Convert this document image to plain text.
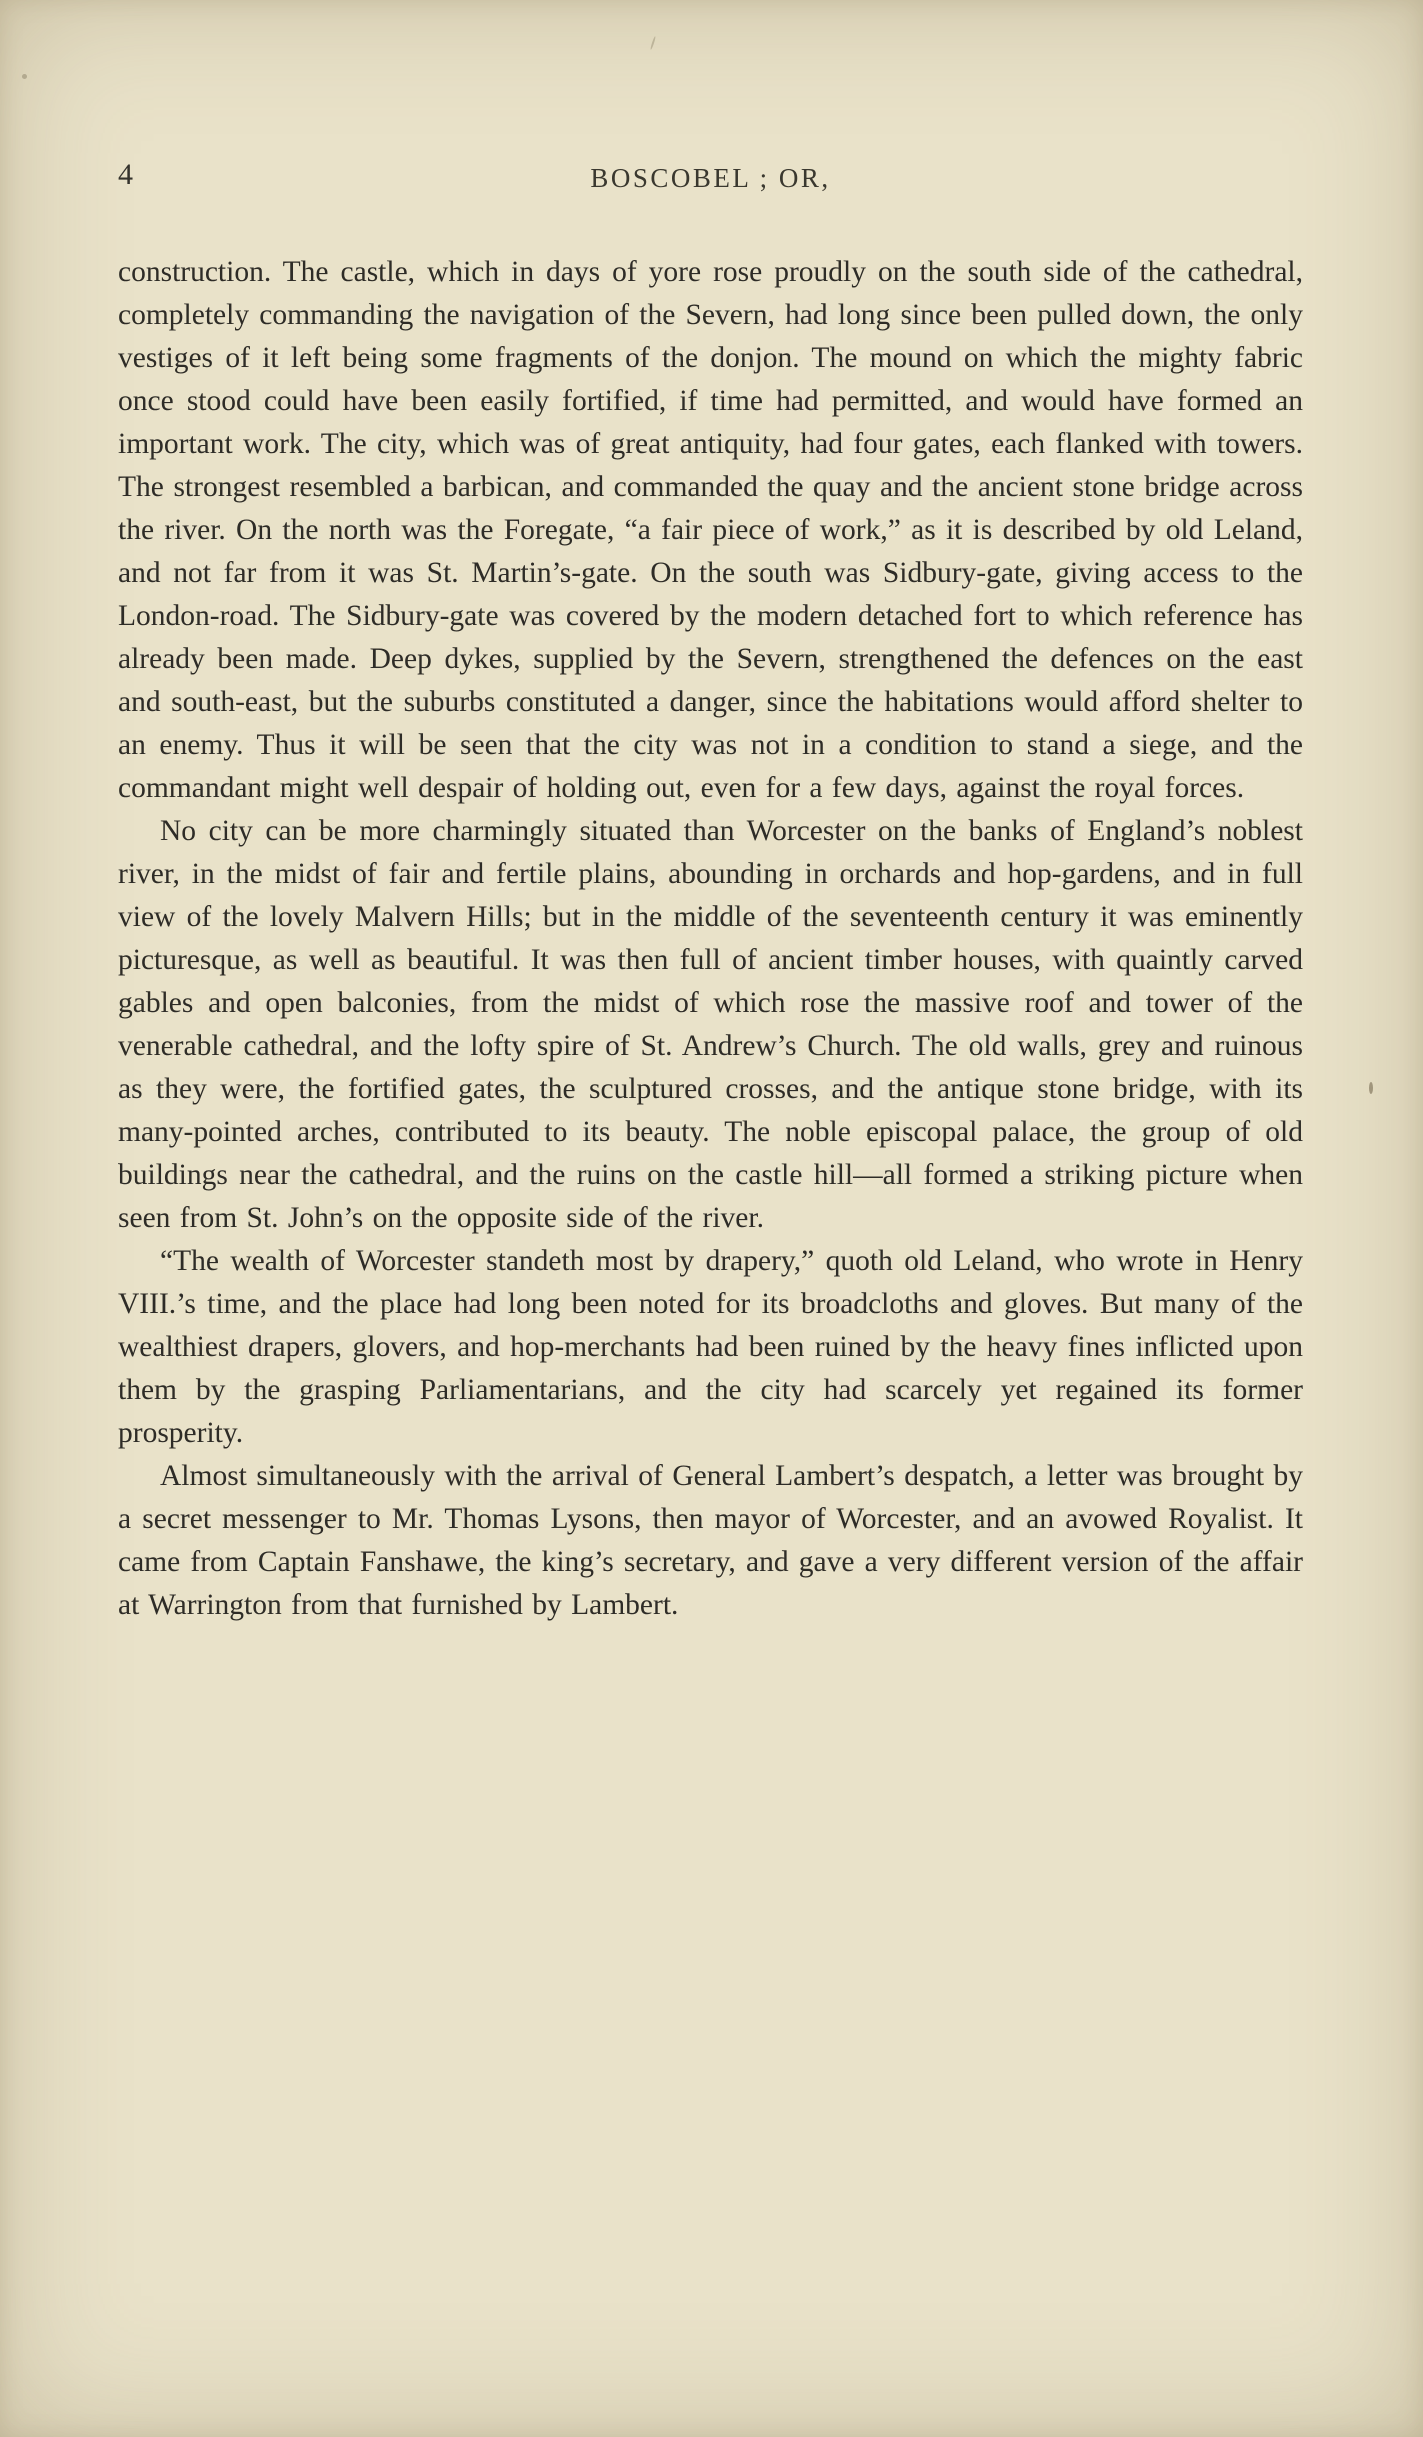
4	BOSCOBEL ; OR,

construction. The castle, which in days of yore rose proudly on the south side of the cathedral, completely commanding the navigation of the Severn, had long since been pulled down, the only vestiges of it left being some fragments of the donjon. The mound on which the mighty fabric once stood could have been easily fortified, if time had permitted, and would have formed an important work. The city, which was of great antiquity, had four gates, each flanked with towers. The strongest resembled a barbican, and commanded the quay and the ancient stone bridge across the river. On the north was the Foregate, “a fair piece of work,” as it is described by old Leland, and not far from it was St. Martin’s-gate. On the south was Sidbury-gate, giving access to the London-road. The Sidbury-gate was covered by the modern detached fort to which reference has already been made. Deep dykes, supplied by the Severn, strengthened the defences on the east and south-east, but the suburbs constituted a danger, since the habitations would afford shelter to an enemy. Thus it will be seen that the city was not in a condition to stand a siege, and the commandant might well despair of holding out, even for a few days, against the royal forces.

No city can be more charmingly situated than Worcester on the banks of England’s noblest river, in the midst of fair and fertile plains, abounding in orchards and hop-gardens, and in full view of the lovely Malvern Hills; but in the middle of the seventeenth century it was eminently picturesque, as well as beautiful. It was then full of ancient timber houses, with quaintly carved gables and open balconies, from the midst of which rose the massive roof and tower of the venerable cathedral, and the lofty spire of St. Andrew’s Church. The old walls, grey and ruinous as they were, the fortified gates, the sculptured crosses, and the antique stone bridge, with its many-pointed arches, contributed to its beauty. The noble episcopal palace, the group of old buildings near the cathedral, and the ruins on the castle hill—all formed a striking picture when seen from St. John’s on the opposite side of the river.

“The wealth of Worcester standeth most by drapery,” quoth old Leland, who wrote in Henry VIII.’s time, and the place had long been noted for its broadcloths and gloves. But many of the wealthiest drapers, glovers, and hop-merchants had been ruined by the heavy fines inflicted upon them by the grasping Parliamentarians, and the city had scarcely yet regained its former prosperity.

Almost simultaneously with the arrival of General Lambert’s despatch, a letter was brought by a secret messenger to Mr. Thomas Lysons, then mayor of Worcester, and an avowed Royalist. It came from Captain Fanshawe, the king’s secretary, and gave a very different version of the affair at Warrington from that furnished by Lambert.
